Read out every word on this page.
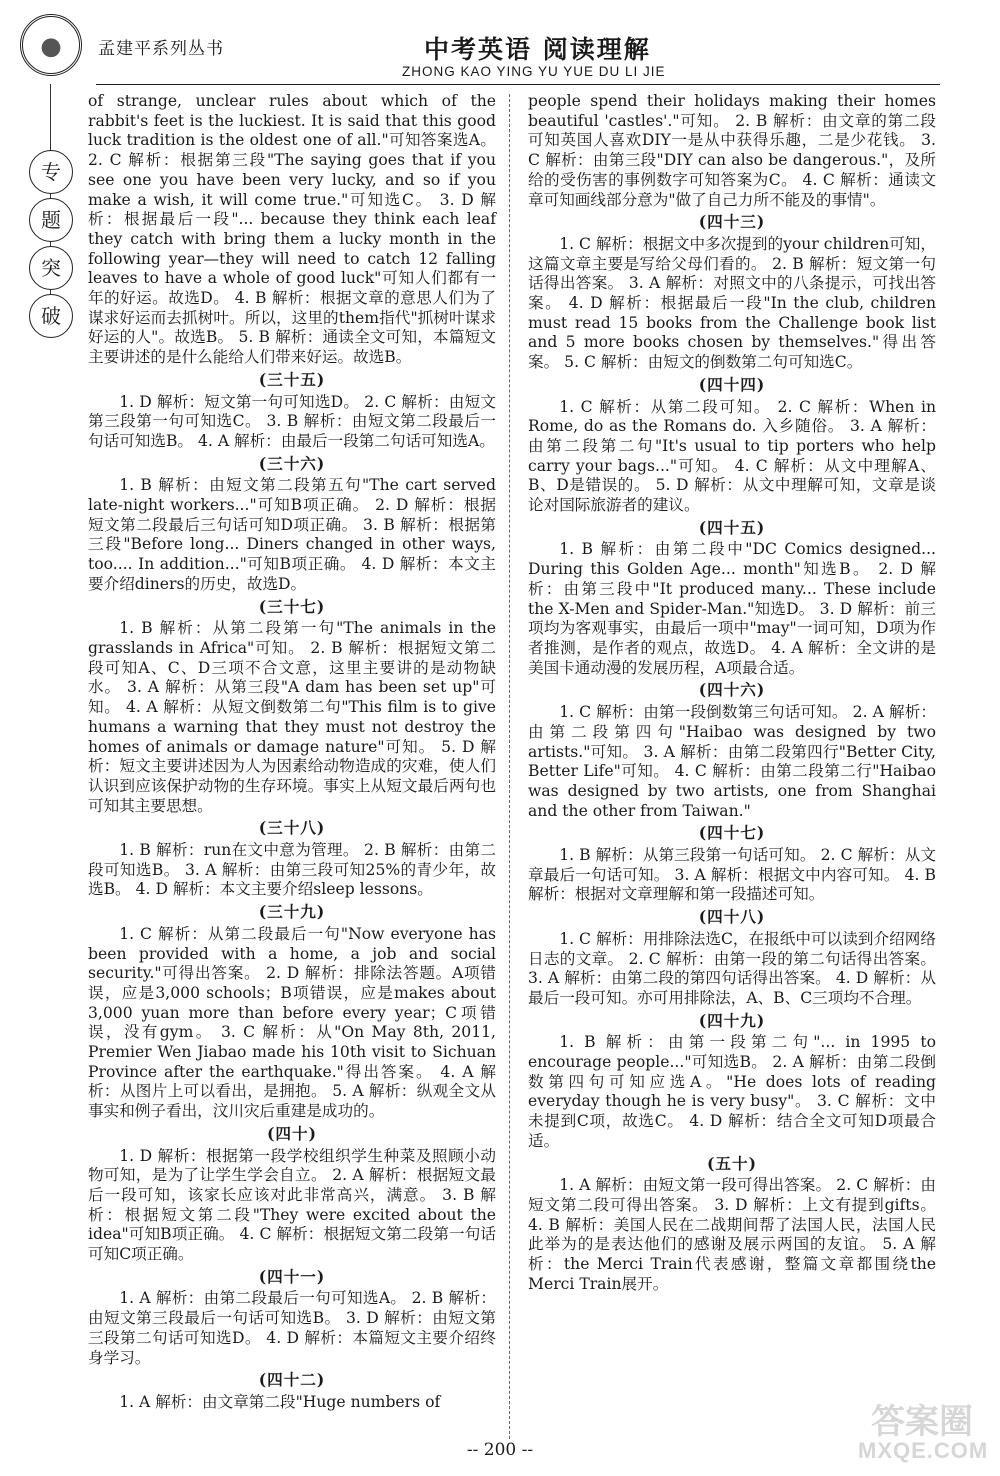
孟建平系列丛书	中考英语 阅读理解
ZHONG KAO YING YU YUE DU LI JIE
专
题
突
破
of strange, unclear rules about which of the rabbit's feet is the luckiest. It is said that this good luck tradition is the oldest one of all."可知答案选A。 2. C 解析：根据第三段"The saying goes that if you see one you have been very lucky, and so if you make a wish, it will come true."可知选C。 3. D 解析：根据最后一段"... because they think each leaf they catch with bring them a lucky month in the following year—they will need to catch 12 falling leaves to have a whole of good luck"可知人们都有一年的好运。故选D。 4. B 解析：根据文章的意思人们为了谋求好运而去抓树叶。所以，这里的them指代"抓树叶谋求好运的人"。故选B。 5. B 解析：通读全文可知，本篇短文主要讲述的是什么能给人们带来好运。故选B。
(三十五)
1. D 解析：短文第一句可知选D。 2. C 解析：由短文第三段第一句可知选C。 3. B 解析：由短文第二段最后一句话可知选B。 4. A 解析：由最后一段第二句话可知选A。
(三十六)
1. B 解析：由短文第二段第五句"The cart served late-night workers..."可知B项正确。 2. D 解析：根据短文第二段最后三句话可知D项正确。 3. B 解析：根据第三段"Before long... Diners changed in other ways, too.... In addition..."可知B项正确。 4. D 解析：本文主要介绍diners的历史，故选D。
(三十七)
1. B 解析：从第二段第一句"The animals in the grasslands in Africa"可知。 2. B 解析：根据短文第二段可知A、C、D三项不合文意，这里主要讲的是动物缺水。 3. A 解析：从第三段"A dam has been set up"可知。 4. A 解析：从短文倒数第二句"This film is to give humans a warning that they must not destroy the homes of animals or damage nature"可知。 5. D 解析：短文主要讲述因为人为因素给动物造成的灾难，使人们认识到应该保护动物的生存环境。事实上从短文最后两句也可知其主要思想。
(三十八)
1. B 解析：run在文中意为管理。 2. B 解析：由第二段可知选B。 3. A 解析：由第三段可知25%的青少年，故选B。 4. D 解析：本文主要介绍sleep lessons。
(三十九)
1. C 解析：从第二段最后一句"Now everyone has been provided with a home, a job and social security."可得出答案。 2. D 解析：排除法答题。A项错误，应是3,000 schools；B项错误，应是makes about 3,000 yuan more than before every year；C项错误，没有gym。 3. C 解析：从"On May 8th, 2011, Premier Wen Jiabao made his 10th visit to Sichuan Province after the earthquake."得出答案。 4. A 解析：从图片上可以看出，是拥抱。 5. A 解析：纵观全文从事实和例子看出，汶川灾后重建是成功的。
(四十)
1. D 解析：根据第一段学校组织学生种菜及照顾小动物可知，是为了让学生学会自立。 2. A 解析：根据短文最后一段可知，该家长应该对此非常高兴，满意。 3. B 解析：根据短文第二段"They were excited about the idea"可知B项正确。 4. C 解析：根据短文第二段第一句话可知C项正确。
(四十一)
1. A 解析：由第二段最后一句可知选A。 2. B 解析：由短文第三段最后一句话可知选B。 3. D 解析：由短文第三段第二句话可知选D。 4. D 解析：本篇短文主要介绍终身学习。
(四十二)
1. A 解析：由文章第二段"Huge numbers of
people spend their holidays making their homes beautiful 'castles'."可知。 2. B 解析：由文章的第二段可知英国人喜欢DIY一是从中获得乐趣，二是少花钱。 3. C 解析：由第三段"DIY can also be dangerous."，及所给的受伤害的事例数字可知答案为C。 4. C 解析：通读文章可知画线部分意为"做了自己力所不能及的事情"。
(四十三)
1. C 解析：根据文中多次提到的your children可知，这篇文章主要是写给父母们看的。 2. B 解析：短文第一句话得出答案。 3. A 解析：对照文中的八条提示，可找出答案。 4. D 解析：根据最后一段"In the club, children must read 15 books from the Challenge book list and 5 more books chosen by themselves."得出答案。 5. C 解析：由短文的倒数第二句可知选C。
(四十四)
1. C 解析：从第二段可知。 2. C 解析：When in Rome, do as the Romans do. 入乡随俗。 3. A 解析：由第二段第二句"It's usual to tip porters who help carry your bags..."可知。 4. C 解析：从文中理解A、B、D是错误的。 5. D 解析：从文中理解可知，文章是谈论对国际旅游者的建议。
(四十五)
1. B 解析：由第二段中"DC Comics designed... During this Golden Age... month"知选B。 2. D 解析：由第三段中"It produced many... These include the X-Men and Spider-Man."知选D。 3. D 解析：前三项均为客观事实，由最后一项中"may"一词可知，D项为作者推测，是作者的观点，故选D。 4. A 解析：全文讲的是美国卡通动漫的发展历程，A项最合适。
(四十六)
1. C 解析：由第一段倒数第三句话可知。 2. A 解析：由第二段第四句"Haibao was designed by two artists."可知。 3. A 解析：由第二段第四行"Better City, Better Life"可知。 4. C 解析：由第二段第二行"Haibao was designed by two artists, one from Shanghai and the other from Taiwan."
(四十七)
1. B 解析：从第三段第一句话可知。 2. C 解析：从文章最后一句话可知。 3. A 解析：根据文中内容可知。 4. B 解析：根据对文章理解和第一段描述可知。
(四十八)
1. C 解析：用排除法选C，在报纸中可以读到介绍网络日志的文章。 2. C 解析：由第一段的第二句话得出答案。 3. A 解析：由第二段的第四句话得出答案。 4. D 解析：从最后一段可知。亦可用排除法，A、B、C三项均不合理。
(四十九)
1. B 解析：由第一段第二句"... in 1995 to encourage people..."可知选B。 2. A 解析：由第二段倒数第四句可知应选A。"He does lots of reading everyday though he is very busy"。 3. C 解析：文中未提到C项，故选C。 4. D 解析：结合全文可知D项最合适。
(五十)
1. A 解析：由短文第一段可得出答案。 2. C 解析：由短文第二段可得出答案。 3. D 解析：上文有提到gifts。 4. B 解析：美国人民在二战期间帮了法国人民，法国人民此举为的是表达他们的感谢及展示两国的友谊。 5. A 解析：the Merci Train代表感谢，整篇文章都围绕the Merci Train展开。
-- 200 --
答案圈
MXQE.COM
